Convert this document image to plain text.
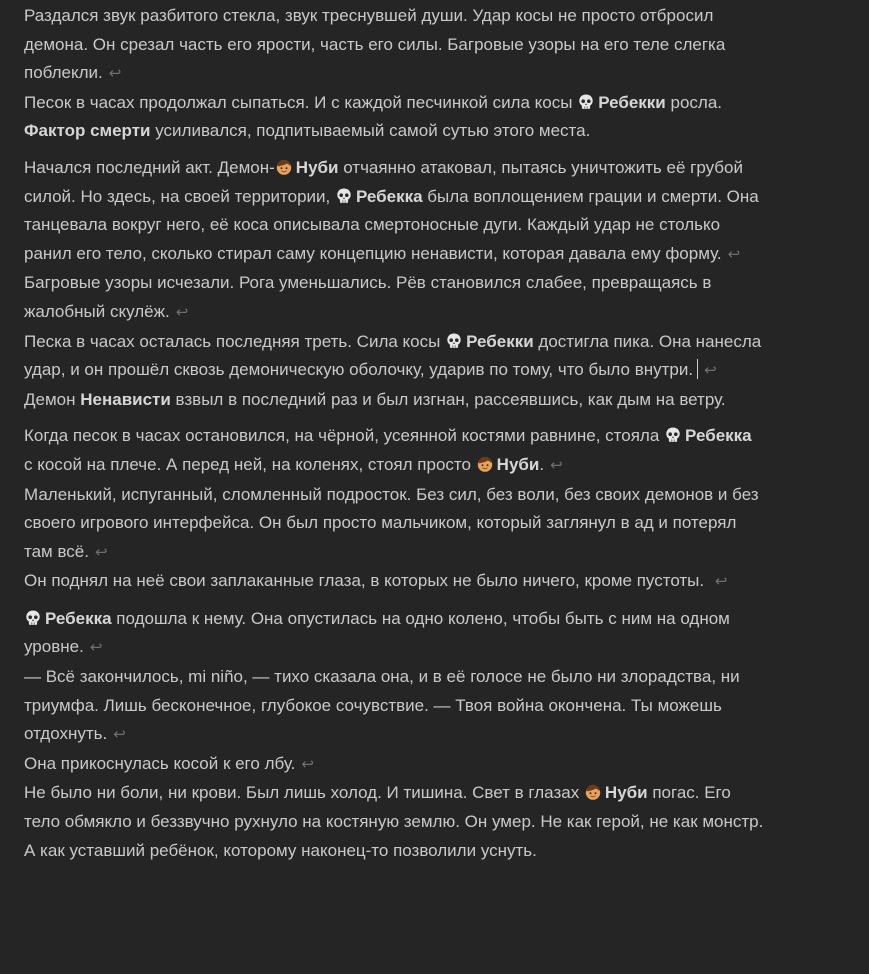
Раздался звук разбитого стекла, звук треснувшей души. Удар косы не просто отбросил демона. Он срезал часть его ярости, часть его силы. Багровые узоры на его теле слегка поблекли. ↩

Песок в часах продолжал сыпаться. И с каждой песчинкой сила косы Ребекки росла. Фактор смерти усиливался, подпитываемый самой сутью этого места.

Начался последний акт. Демон- Нуби отчаянно атаковал, пытаясь уничтожить её грубой силой. Но здесь, на своей территории, Ребекка была воплощением грации и смерти. Она танцевала вокруг него, её коса описывала смертоносные дуги. Каждый удар не столько ранил его тело, сколько стирал саму концепцию ненависти, которая давала ему форму. ↩

Багровые узоры исчезали. Рога уменьшались. Рёв становился слабее, превращаясь в жалобный скулёж. ↩

Песка в часах осталась последняя треть. Сила косы Ребекки достигла пика. Она нанесла удар, и он прошёл сквозь демоническую оболочку, ударив по тому, что было внутри. ↩

Демон Ненависти взвыл в последний раз и был изгнан, рассеявшись, как дым на ветру.

Когда песок в часах остановился, на чёрной, усеянной костями равнине, стояла Ребекка с косой на плече. А перед ней, на коленях, стоял просто Нуби. ↩

Маленький, испуганный, сломленный подросток. Без сил, без воли, без своих демонов и без своего игрового интерфейса. Он был просто мальчиком, который заглянул в ад и потерял там всё. ↩

Он поднял на неё свои заплаканные глаза, в которых не было ничего, кроме пустоты. ↩

Ребекка подошла к нему. Она опустилась на одно колено, чтобы быть с ним на одном уровне. ↩

— Всё закончилось, mi niño, — тихо сказала она, и в её голосе не было ни злорадства, ни триумфа. Лишь бесконечное, глубокое сочувствие. — Твоя война окончена. Ты можешь отдохнуть. ↩

Она прикоснулась косой к его лбу. ↩

Не было ни боли, ни крови. Был лишь холод. И тишина. Свет в глазах Нуби погас. Его тело обмякло и беззвучно рухнуло на костяную землю. Он умер. Не как герой, не как монстр. А как уставший ребёнок, которому наконец-то позволили уснуть.
